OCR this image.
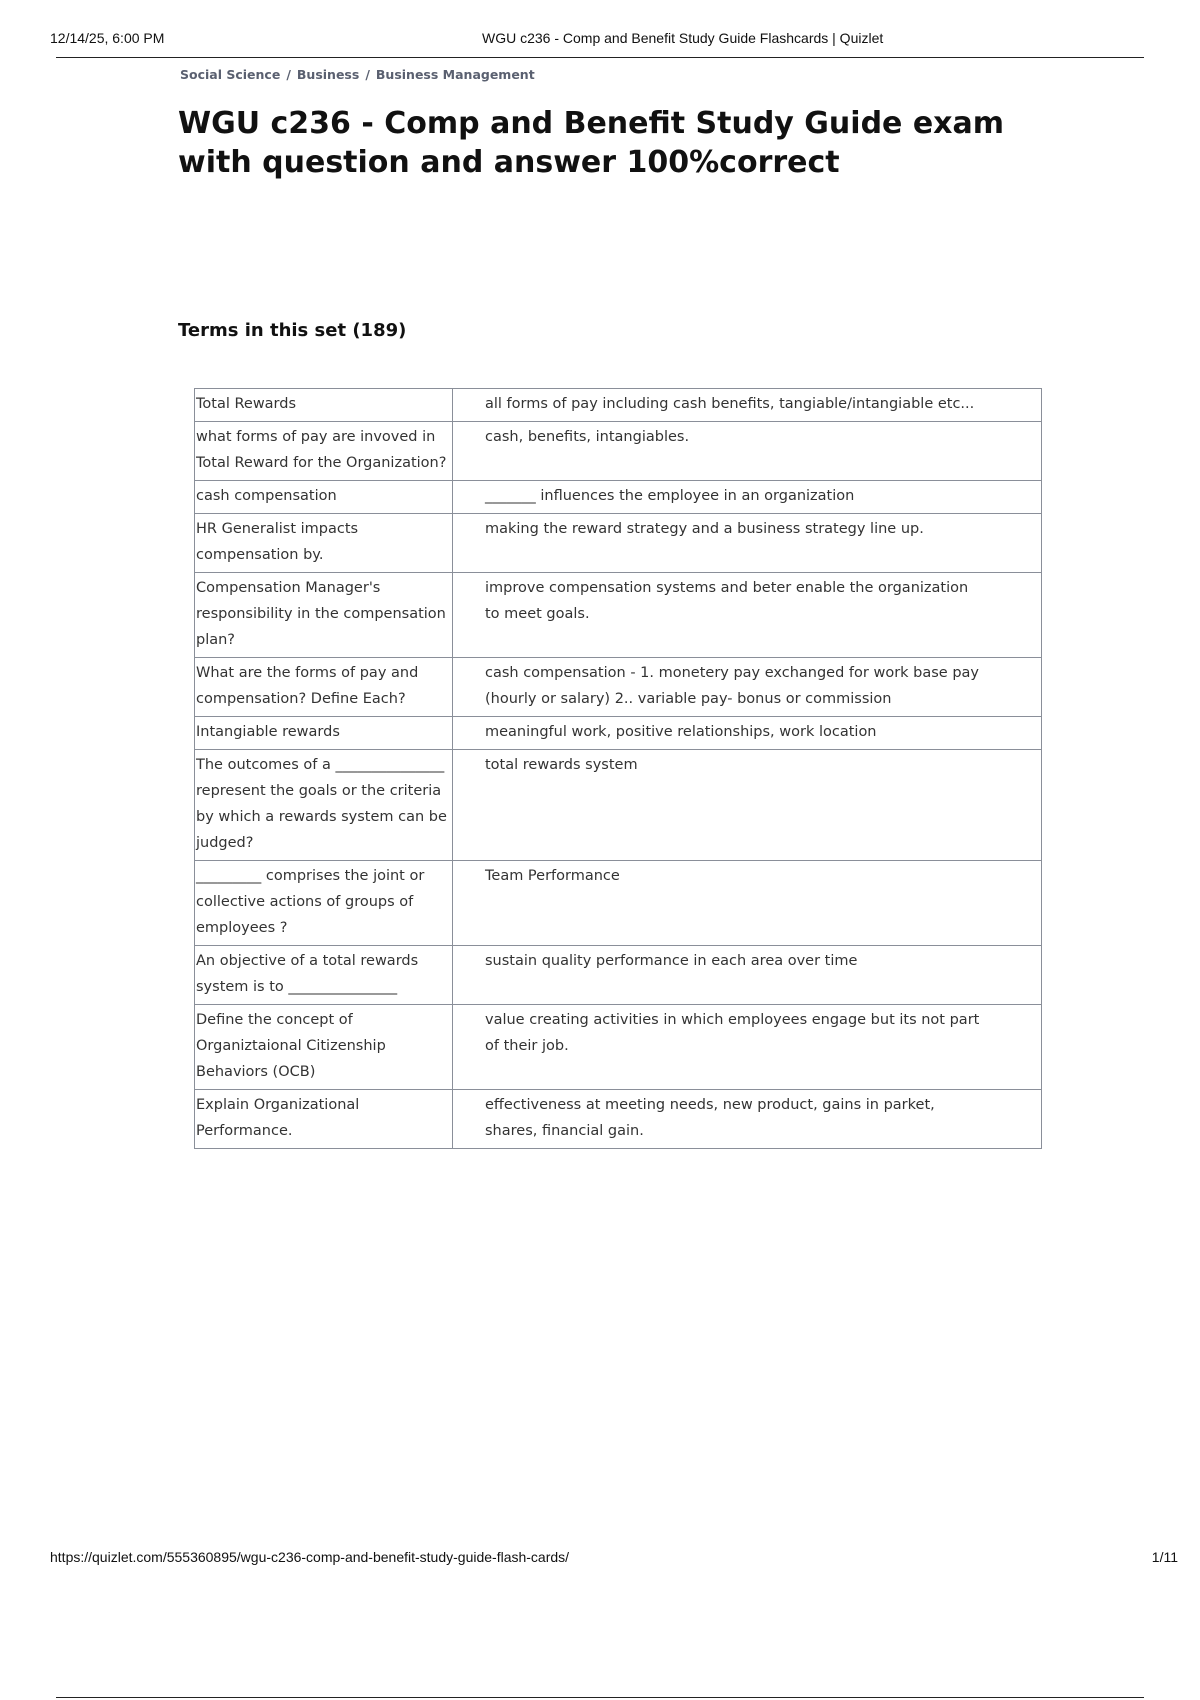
12/14/25, 6:00 PM	WGU c236 - Comp and Benefit Study Guide Flashcards | Quizlet
Social Science / Business / Business Management
WGU c236 - Comp and Benefit Study Guide exam with question and answer 100%correct
Terms in this set (189)
Total Rewards	all forms of pay including cash benefits, tangiable/intangiable etc...
what forms of pay are invoved in Total Reward for the Organization?	cash, benefits, intangiables.
cash compensation	_______ influences the employee in an organization
HR Generalist impacts compensation by.	making the reward strategy and a business strategy line up.
Compensation Manager's responsibility in the compensation plan?	improve compensation systems and beter enable the organization to meet goals.
What are the forms of pay and compensation? Define Each?	cash compensation - 1. monetery pay exchanged for work base pay (hourly or salary) 2.. variable pay- bonus or commission
Intangiable rewards	meaningful work, positive relationships, work location
The outcomes of a _______________ represent the goals or the criteria by which a rewards system can be judged?	total rewards system
_________ comprises the joint or collective actions of groups of employees ?	Team Performance
An objective of a total rewards system is to _______________	sustain quality performance in each area over time
Define the concept of Organiztaional Citizenship Behaviors (OCB)	value creating activities in which employees engage but its not part of their job.
Explain Organizational Performance.	effectiveness at meeting needs, new product, gains in parket, shares, financial gain.
https://quizlet.com/555360895/wgu-c236-comp-and-benefit-study-guide-flash-cards/	1/11
